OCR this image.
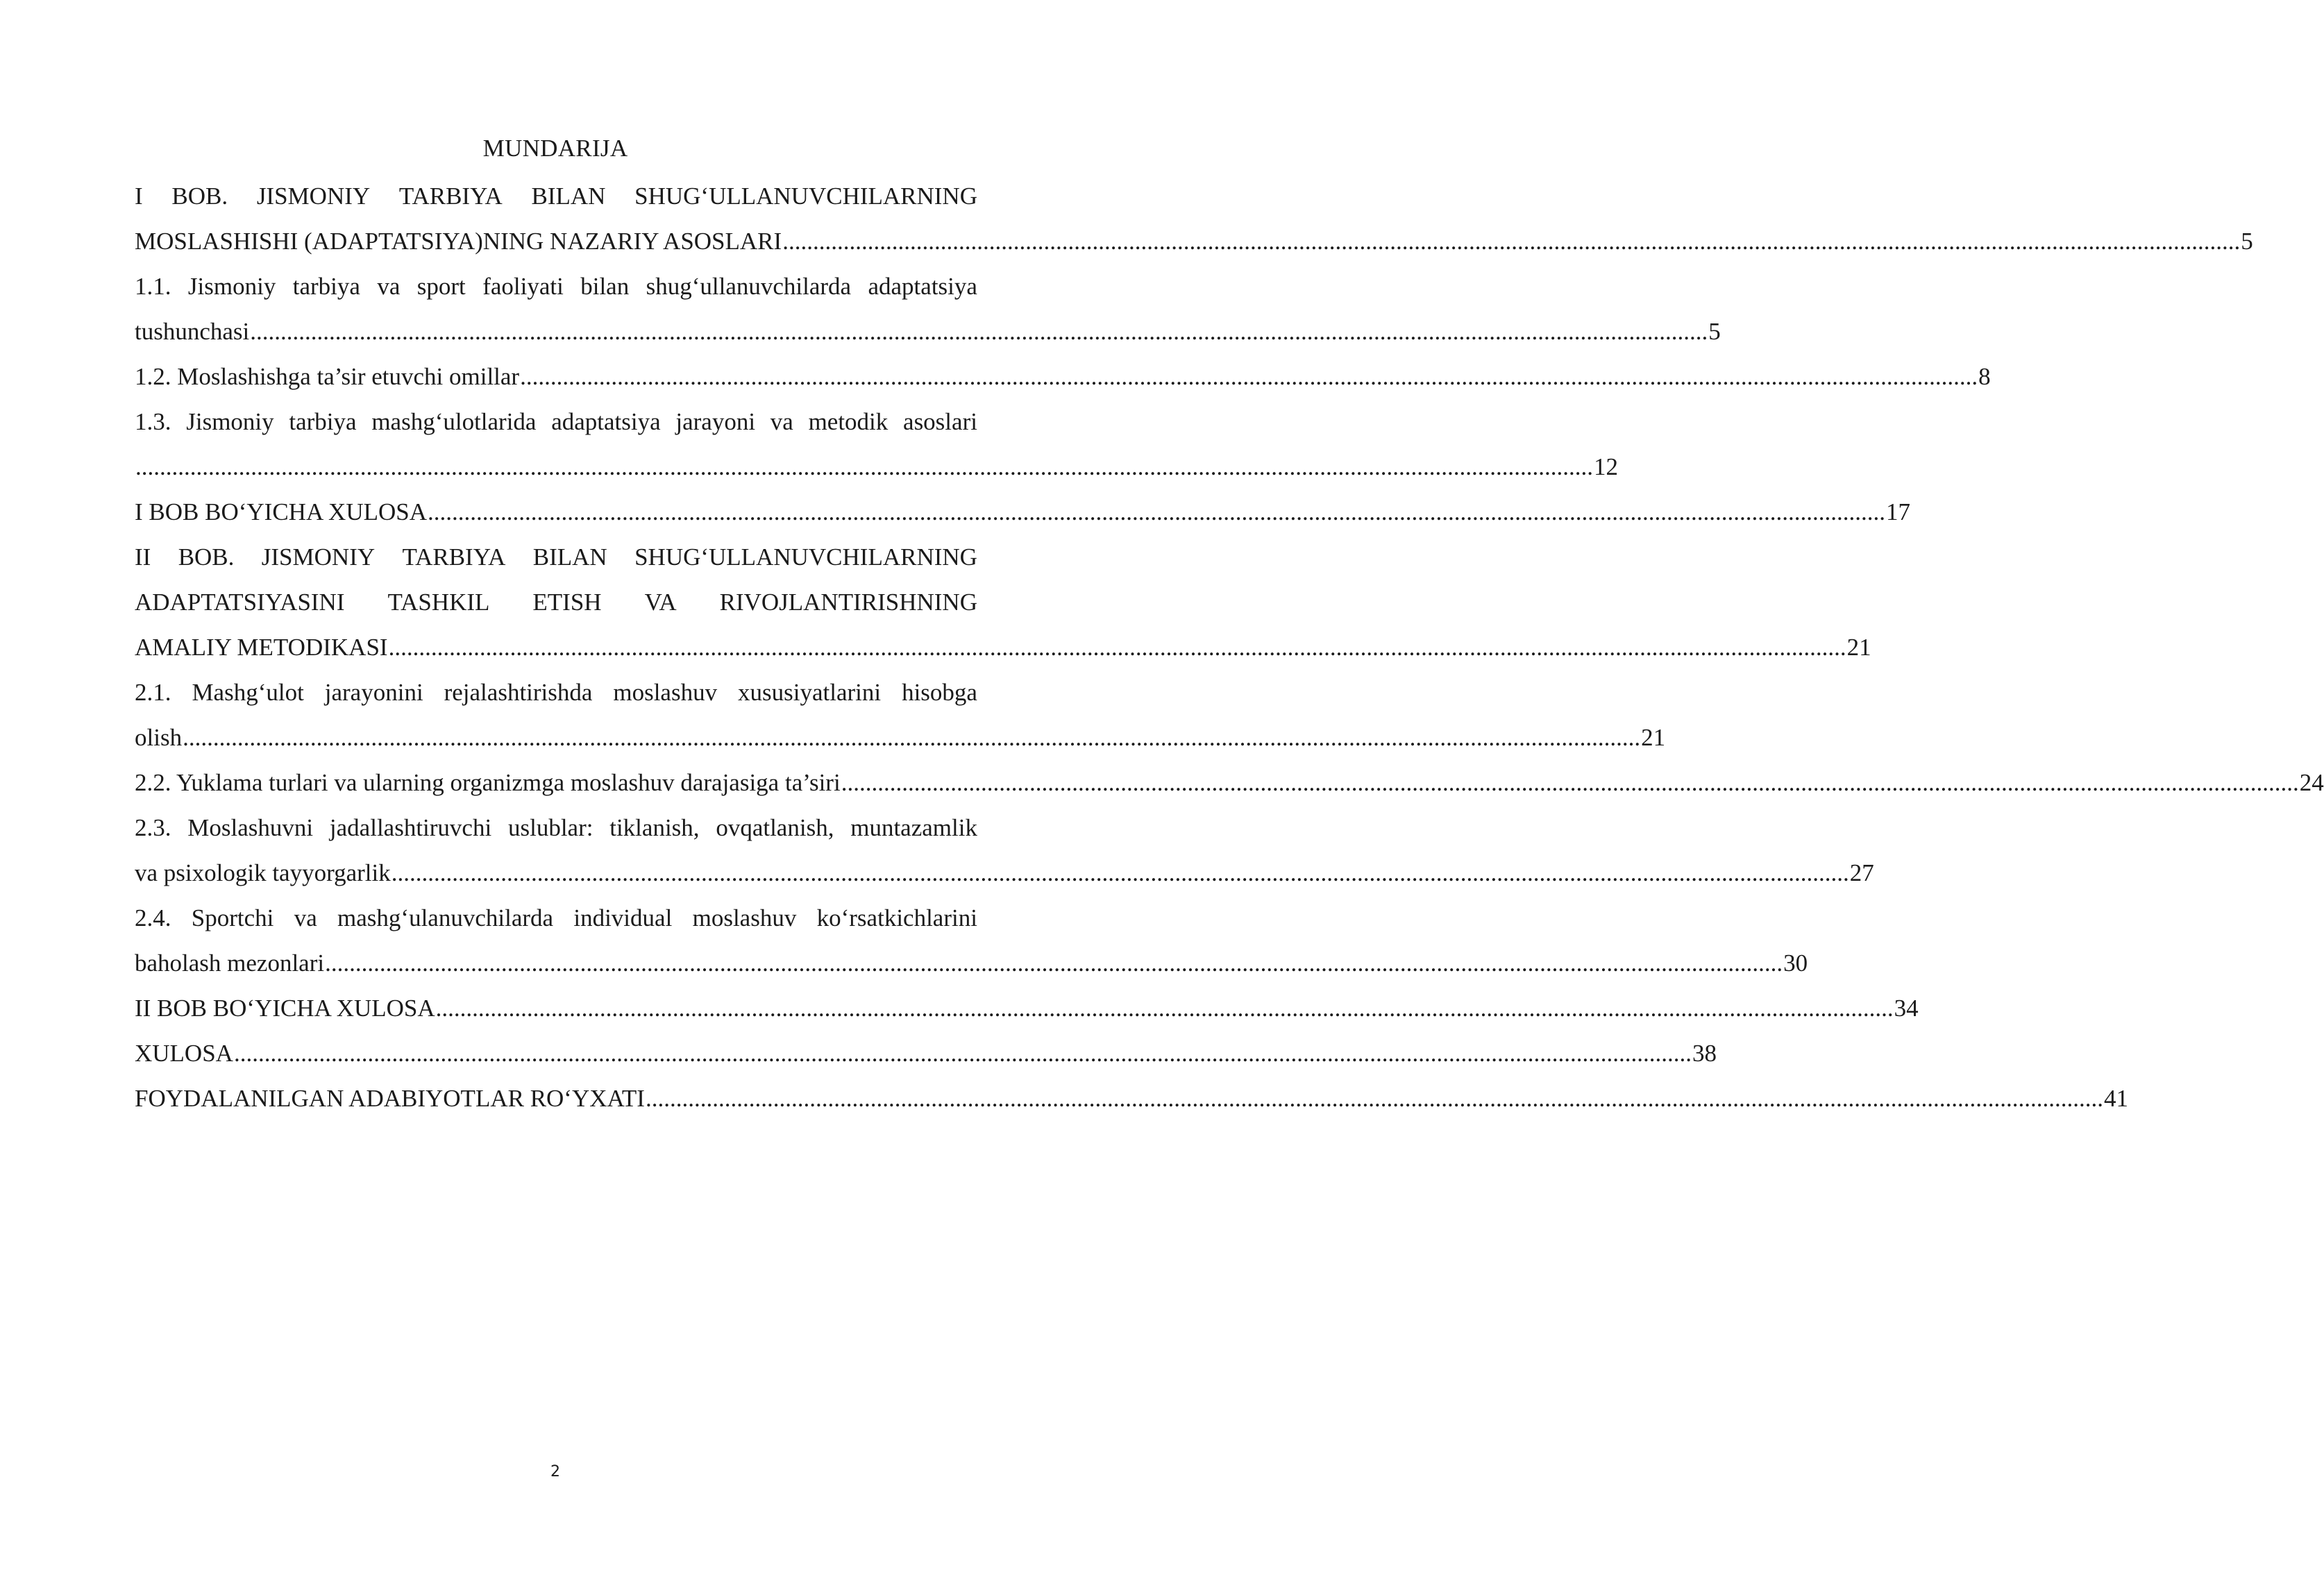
MUNDARIJA
I BOB. JISMONIY TARBIYA BILAN SHUG‘ULLANUVCHILARNING
MOSLASHISHI (ADAPTATSIYA)NING NAZARIY ASOSLARI ................................................................................................................................................................................................................................................ 5
1.1. Jismoniy tarbiya va sport faoliyati bilan shug‘ullanuvchilarda adaptatsiya
tushunchasi ................................................................................................................................................................................................................................................ 5
1.2. Moslashishga ta’sir etuvchi omillar ................................................................................................................................................................................................................................................ 8
1.3. Jismoniy tarbiya mashg‘ulotlarida adaptatsiya jarayoni va metodik asoslari
................................................................................................................................................................................................................................................ 12
I BOB BO‘YICHA XULOSA ................................................................................................................................................................................................................................................ 17
II BOB. JISMONIY TARBIYA BILAN SHUG‘ULLANUVCHILARNING
ADAPTATSIYASINI TASHKIL ETISH VA RIVOJLANTIRISHNING
AMALIY METODIKASI ................................................................................................................................................................................................................................................ 21
2.1. Mashg‘ulot jarayonini rejalashtirishda moslashuv xususiyatlarini hisobga
olish ................................................................................................................................................................................................................................................ 21
2.2. Yuklama turlari va ularning organizmga moslashuv darajasiga ta’siri ................................................................................................................................................................................................................................................ 24
2.3. Moslashuvni jadallashtiruvchi uslublar: tiklanish, ovqatlanish, muntazamlik
va psixologik tayyorgarlik ................................................................................................................................................................................................................................................ 27
2.4. Sportchi va mashg‘ulanuvchilarda individual moslashuv ko‘rsatkichlarini
baholash mezonlari ................................................................................................................................................................................................................................................ 30
II BOB BO‘YICHA XULOSA ................................................................................................................................................................................................................................................ 34
XULOSA ................................................................................................................................................................................................................................................ 38
FOYDALANILGAN ADABIYOTLAR RO‘YXATI ................................................................................................................................................................................................................................................ 41
2
